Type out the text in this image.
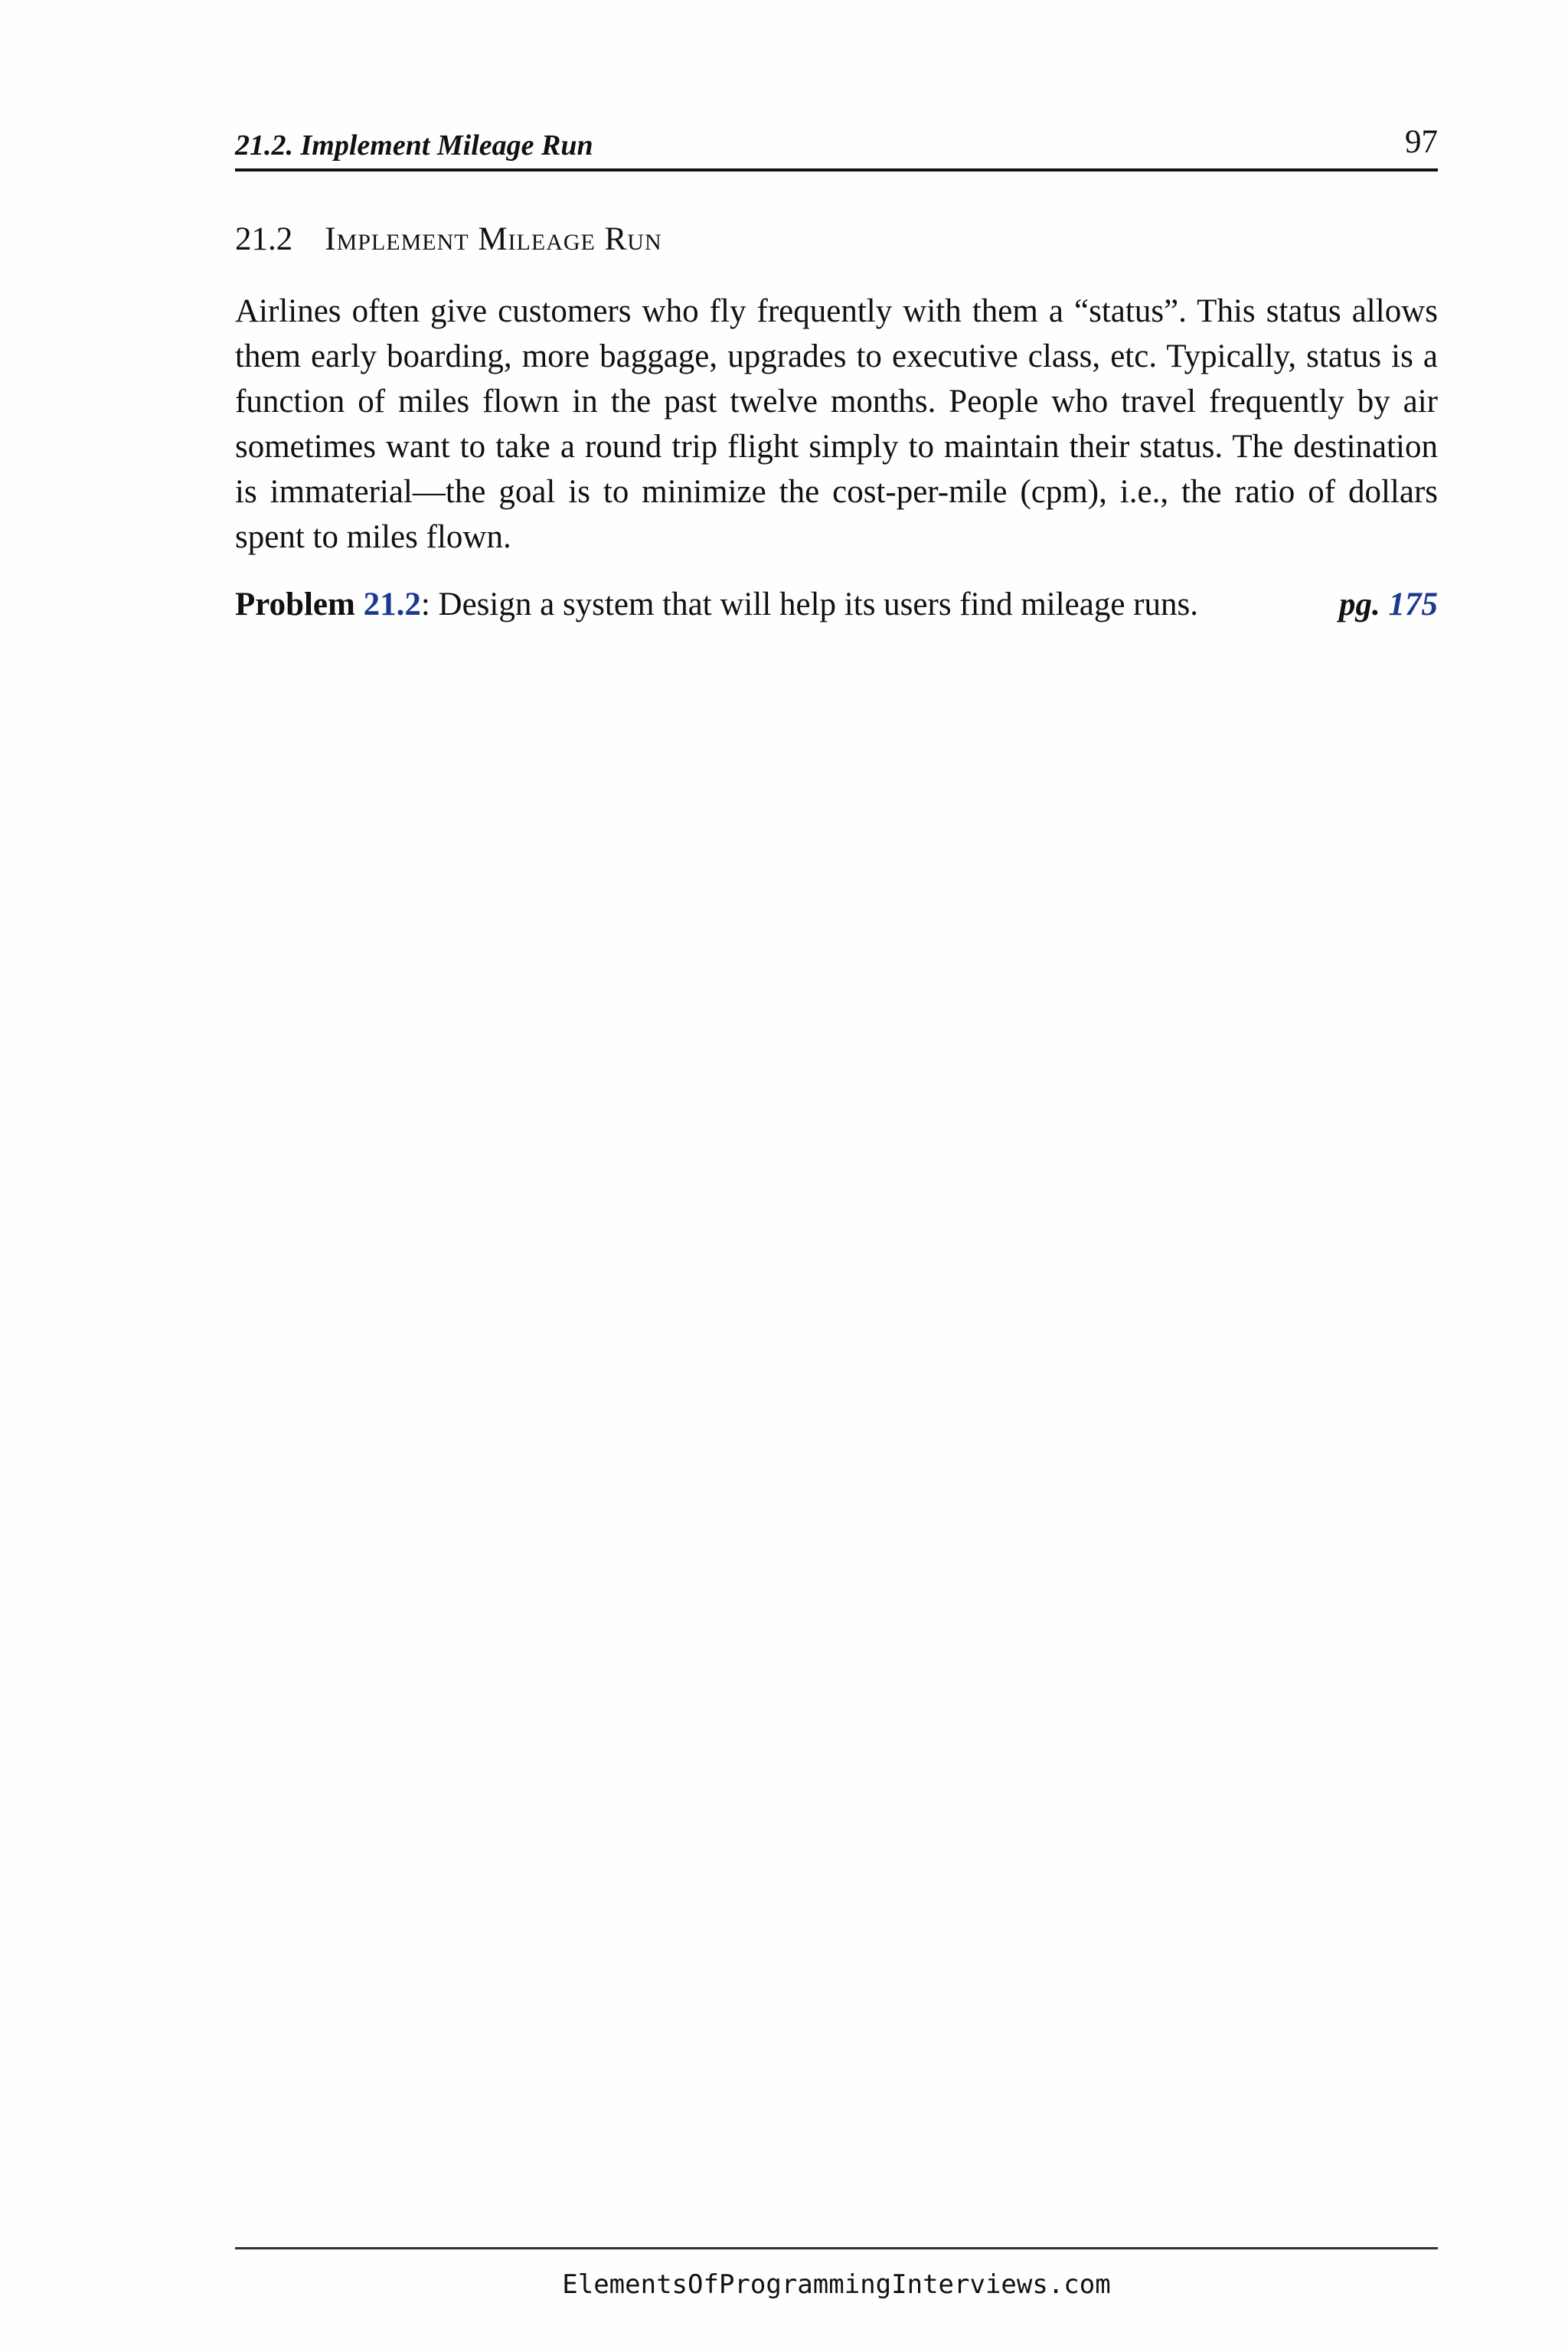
21.2. Implement Mileage Run	97
21.2 Implement Mileage Run

Airlines often give customers who fly frequently with them a “status”. This status allows them early boarding, more baggage, upgrades to executive class, etc. Typically, status is a function of miles flown in the past twelve months. People who travel frequently by air sometimes want to take a round trip flight simply to maintain their status. The destination is immaterial—the goal is to minimize the cost-per-mile (cpm), i.e., the ratio of dollars spent to miles flown.

Problem 21.2: Design a system that will help its users find mileage runs.	pg. 175
ElementsOfProgrammingInterviews.com
